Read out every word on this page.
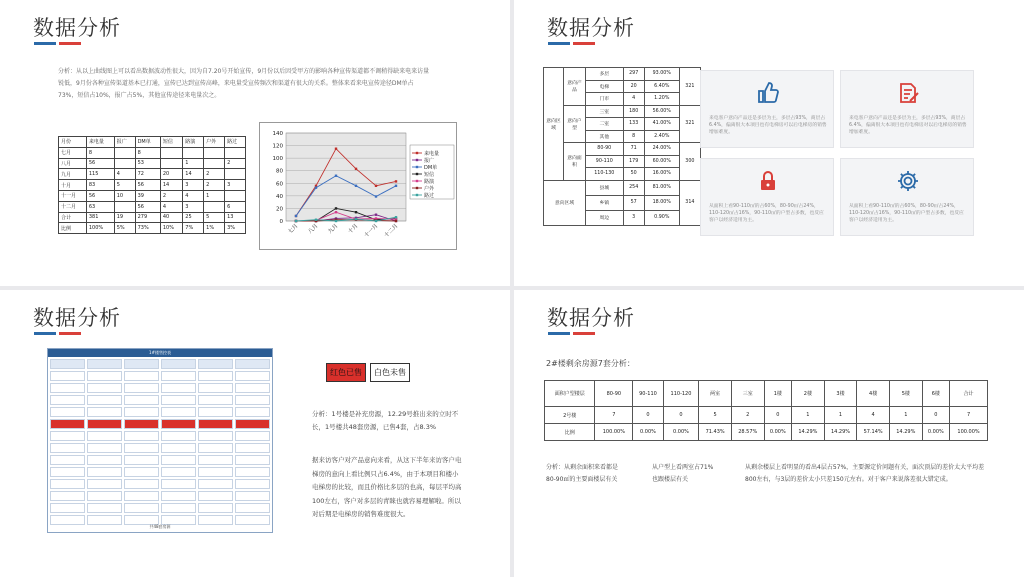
数据分析
分析：从以上曲线图上可以看出数据波动性很大，因为自7.20号开始宣传，9月份以后因受甲方的影响各种宣传渠道都不调稍得缺来电来访量锐低，9月份各种宣传渠道基本已打通，宣传已达到宣传高峰，来电量受宣传频次和渠道有很大的关系。整体来看来电宣传途径DM单占73%，短信占10%，报广占5%，其他宣传途径来电量次之。
月份	来电量	报广	DM单	短信	路演	户外	路过
七月	8		8				
八月	56		53		1		2
九月	115	4	72	20	14	2	
十月	83	5	56	14	3	2	3
十一月	56	10	39	2	4	1	
十二月	63		56	4	3		6
合计	381	19	279	40	25	5	13
比例	100%	5%	73%	10%	7%	1%	3%
0
20
40
60
80
100
120
140
七月 八月 九月 十月 十一月 十二月
来电量
报广
DM单
短信
路演
户外
路过
数据分析
意向区域	意向产品	多层	297	93.00%	321
		电梯	20	6.40%	
		门市	4	1.20%	
	意向户型	三室	180	56.00%	321
		二室	133	41.00%	
		其他	8	2.40%	
	意向面积	80-90	71	24.00%	300
		90-110	179	60.00%	
		110-130	50	16.00%	
意向区域		县城	254	81.00%	314
		乡镇	57	18.00%	
		周边	3	0.90%	
来电客户意向产品还是多层为主，多层占93%，商层占6.4%，偏离很大本项目也有电梯房可以后电梯房的销售增加难度。
来电客户意向产品还是多层为主，多层占93%，商层占6.4%，偏离很大本项目也有电梯房对以后电梯房的销售增加难度。
从面积上看90-110㎡的占60%，80-90㎡占24%，110-120㎡占16%，90-110㎡的户型占多数，也反应客户以经济适用为主。
从面积上看90-110㎡的占60%，80-90㎡占24%，110-120㎡占16%，90-110㎡的户型占多数，也反应客户以经济适用为主。
数据分析
1#楼售控表
共48套房源
红色已售	白色未售
分析：1号楼是补充房源，12.29号推出来的立时不长，1号楼共48套房源，已售4套，占8.3%
据来访客户对产品意向来看，从这下半年来访客户电梯房的意向上看比例只占6.4%，由于本项目和楼小电梯房的比较，而且价格比多层的也高，每层平均高100左右，客户对多层的青睐也就容易理解啦。所以对后期是电梯房的销售难度很大。
数据分析
2#楼剩余房源7套分析：
面积户型楼层	80-90	90-110	110-120	两室	三室	1楼	2楼	3楼	4楼	5楼	6楼	合计
2号楼	7	0	0	5	2	0	1	1	4	1	0	7
比例	100.00%	0.00%	0.00%	71.43%	28.57%	0.00%	14.29%	14.29%	57.14%	14.29%	0.00%	100.00%
分析：从剩余面积来看都是80-90㎡的主要面楼层有关
从户型上看两室占71%也跟楼层有关
从剩余楼层上看明显的看出4层占57%，主要源定价问题有关，面次顶层的差价太大平均差800左右，与3层的差价太小只差150元左右。对于客户来说落差很大错定成。
